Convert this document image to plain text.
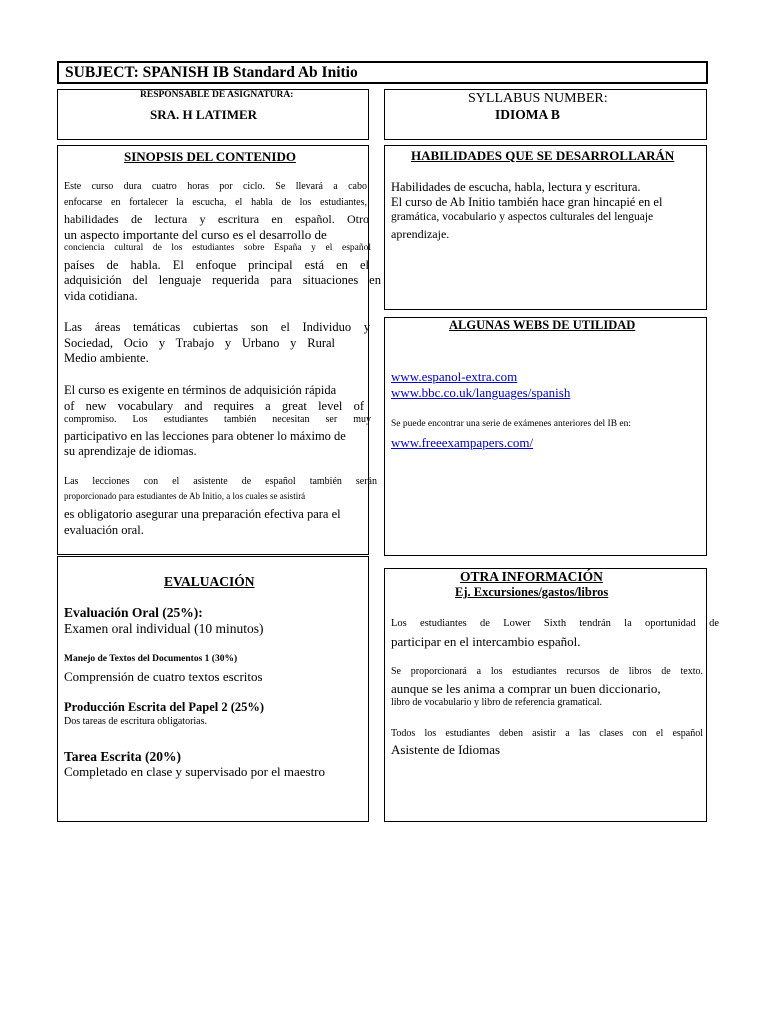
SUBJECT: SPANISH IB Standard Ab Initio
RESPONSABLE DE ASIGNATURA:
SRA. H LATIMER
SYLLABUS NUMBER:
IDIOMA B
SINOPSIS DEL CONTENIDO
Este curso dura cuatro horas por ciclo. Se llevará a cabo
enfocarse en fortalecer la escucha, el habla de los estudiantes,
habilidades de lectura y escritura en español. Otro
un aspecto importante del curso es el desarrollo de
conciencia cultural de los estudiantes sobre España y el español
países de habla. El enfoque principal está en el
adquisición del lenguaje requerida para situaciones en
vida cotidiana.
Las áreas temáticas cubiertas son el Individuo y
Sociedad, Ocio y Trabajo y Urbano y Rural
Medio ambiente.
El curso es exigente en términos de adquisición rápida
of new vocabulary and requires a great level of
compromiso. Los estudiantes también necesitan ser muy
participativo en las lecciones para obtener lo máximo de
su aprendizaje de idiomas.
Las lecciones con el asistente de español también serán
proporcionado para estudiantes de Ab Initio, a los cuales se asistirá
es obligatorio asegurar una preparación efectiva para el
evaluación oral.
HABILIDADES QUE SE DESARROLLARÁN
Habilidades de escucha, habla, lectura y escritura.
El curso de Ab Initio también hace gran hincapié en el
gramática, vocabulario y aspectos culturales del lenguaje
aprendizaje.
ALGUNAS WEBS DE UTILIDAD
www.espanol-extra.com
www.bbc.co.uk/languages/spanish
Se puede encontrar una serie de exámenes anteriores del IB en:
www.freeexampapers.com/
EVALUACIÓN
Evaluación Oral (25%):
Examen oral individual (10 minutos)
Manejo de Textos del Documentos 1 (30%)
Comprensión de cuatro textos escritos
Producción Escrita del Papel 2 (25%)
Dos tareas de escritura obligatorias.
Tarea Escrita (20%)
Completado en clase y supervisado por el maestro
OTRA INFORMACIÓN
Ej. Excursiones/gastos/libros
Los estudiantes de Lower Sixth tendrán la oportunidad de
participar en el intercambio español.
Se proporcionará a los estudiantes recursos de libros de texto.
aunque se les anima a comprar un buen diccionario,
libro de vocabulario y libro de referencia gramatical.
Todos los estudiantes deben asistir a las clases con el español
Asistente de Idiomas
